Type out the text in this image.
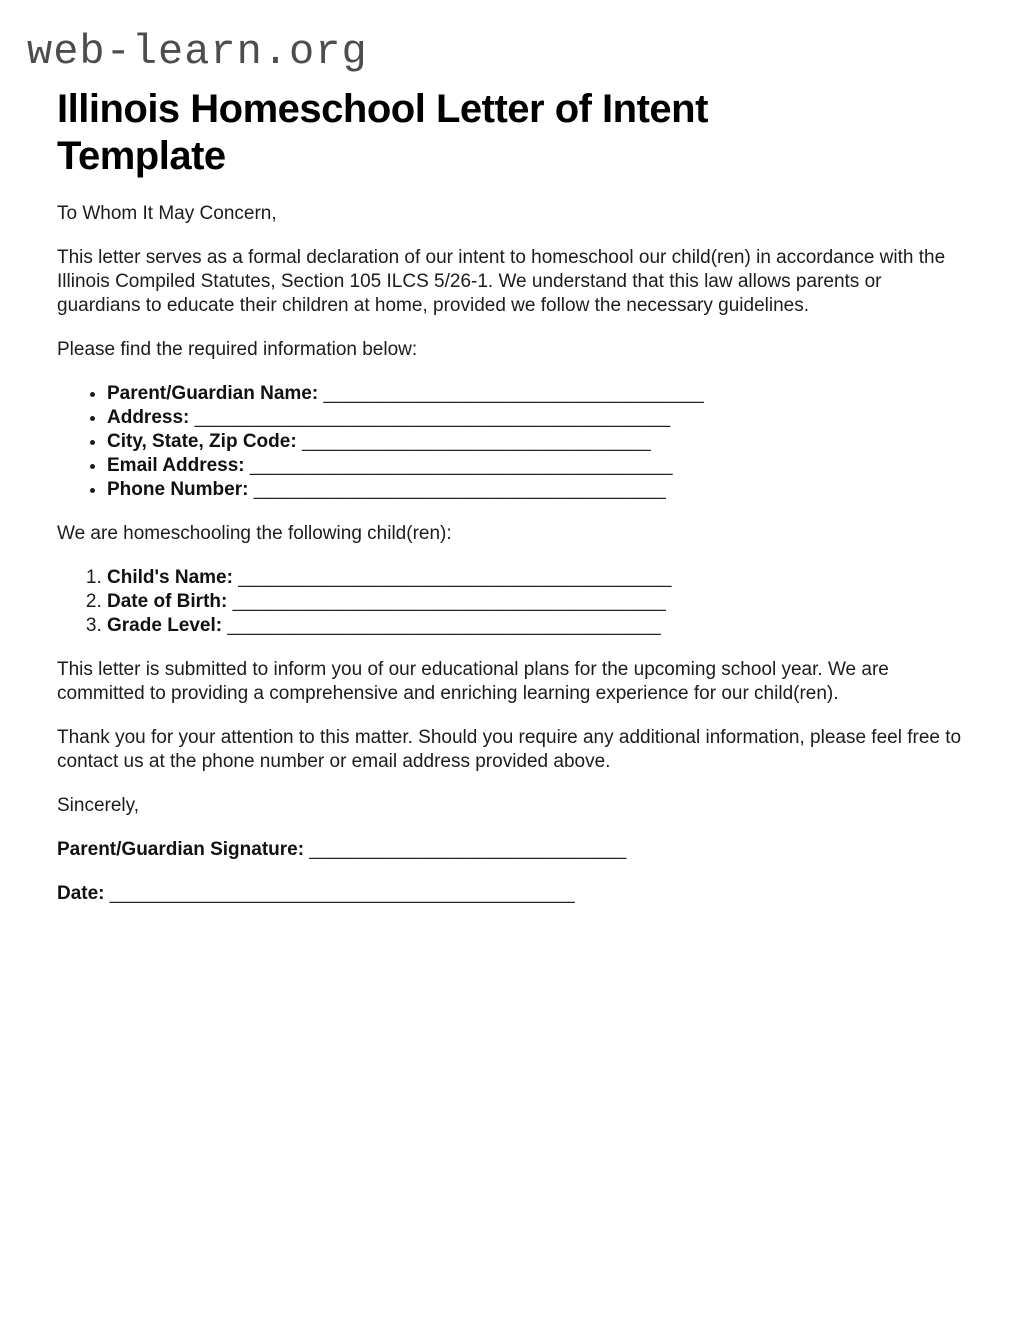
web-learn.org
Illinois Homeschool Letter of Intent Template

To Whom It May Concern,

This letter serves as a formal declaration of our intent to homeschool our child(ren) in accordance with the Illinois Compiled Statutes, Section 105 ILCS 5/26-1. We understand that this law allows parents or guardians to educate their children at home, provided we follow the necessary guidelines.

Please find the required information below:

• Parent/Guardian Name: ____________________________________
• Address: _____________________________________________
• City, State, Zip Code: _________________________________
• Email Address: ________________________________________
• Phone Number: _______________________________________

We are homeschooling the following child(ren):

1. Child's Name: _________________________________________
2. Date of Birth: _________________________________________
3. Grade Level: _________________________________________

This letter is submitted to inform you of our educational plans for the upcoming school year. We are committed to providing a comprehensive and enriching learning experience for our child(ren).

Thank you for your attention to this matter. Should you require any additional information, please feel free to contact us at the phone number or email address provided above.

Sincerely,

Parent/Guardian Signature: ______________________________

Date: ____________________________________________
